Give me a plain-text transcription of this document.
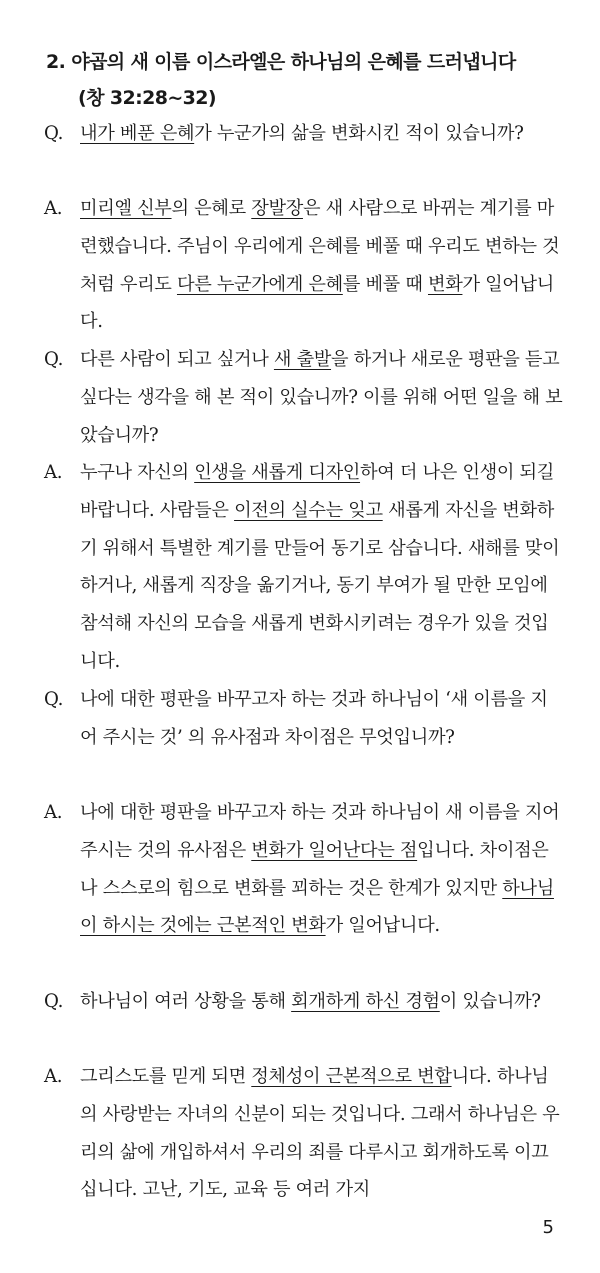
2. 야곱의 새 이름 이스라엘은 하나님의 은혜를 드러냅니다
(창 32:28~32)
Q. 내가 베푼 은혜가 누군가의 삶을 변화시킨 적이 있습니까?
A. 미리엘 신부의 은혜로 장발장은 새 사람으로 바뀌는 계기를 마련했습니다. 주님이 우리에게 은혜를 베풀 때 우리도 변하는 것처럼 우리도 다른 누군가에게 은혜를 베풀 때 변화가 일어납니다.
Q. 다른 사람이 되고 싶거나 새 출발을 하거나 새로운 평판을 듣고 싶다는 생각을 해 본 적이 있습니까? 이를 위해 어떤 일을 해 보았습니까?
A. 누구나 자신의 인생을 새롭게 디자인하여 더 나은 인생이 되길 바랍니다. 사람들은 이전의 실수는 잊고 새롭게 자신을 변화하기 위해서 특별한 계기를 만들어 동기로 삼습니다. 새해를 맞이하거나, 새롭게 직장을 옮기거나, 동기 부여가 될 만한 모임에 참석해 자신의 모습을 새롭게 변화시키려는 경우가 있을 것입니다.
Q. 나에 대한 평판을 바꾸고자 하는 것과 하나님이 ‘새 이름을 지어 주시는 것’ 의 유사점과 차이점은 무엇입니까?
A. 나에 대한 평판을 바꾸고자 하는 것과 하나님이 새 이름을 지어주시는 것의 유사점은 변화가 일어난다는 점입니다. 차이점은 나 스스로의 힘으로 변화를 꾀하는 것은 한계가 있지만 하나님이 하시는 것에는 근본적인 변화가 일어납니다.
Q. 하나님이 여러 상황을 통해 회개하게 하신 경험이 있습니까?
A. 그리스도를 믿게 되면 정체성이 근본적으로 변합니다. 하나님의 사랑받는 자녀의 신분이 되는 것입니다. 그래서 하나님은 우리의 삶에 개입하셔서 우리의 죄를 다루시고 회개하도록 이끄십니다. 고난, 기도, 교육 등 여러 가지
5
